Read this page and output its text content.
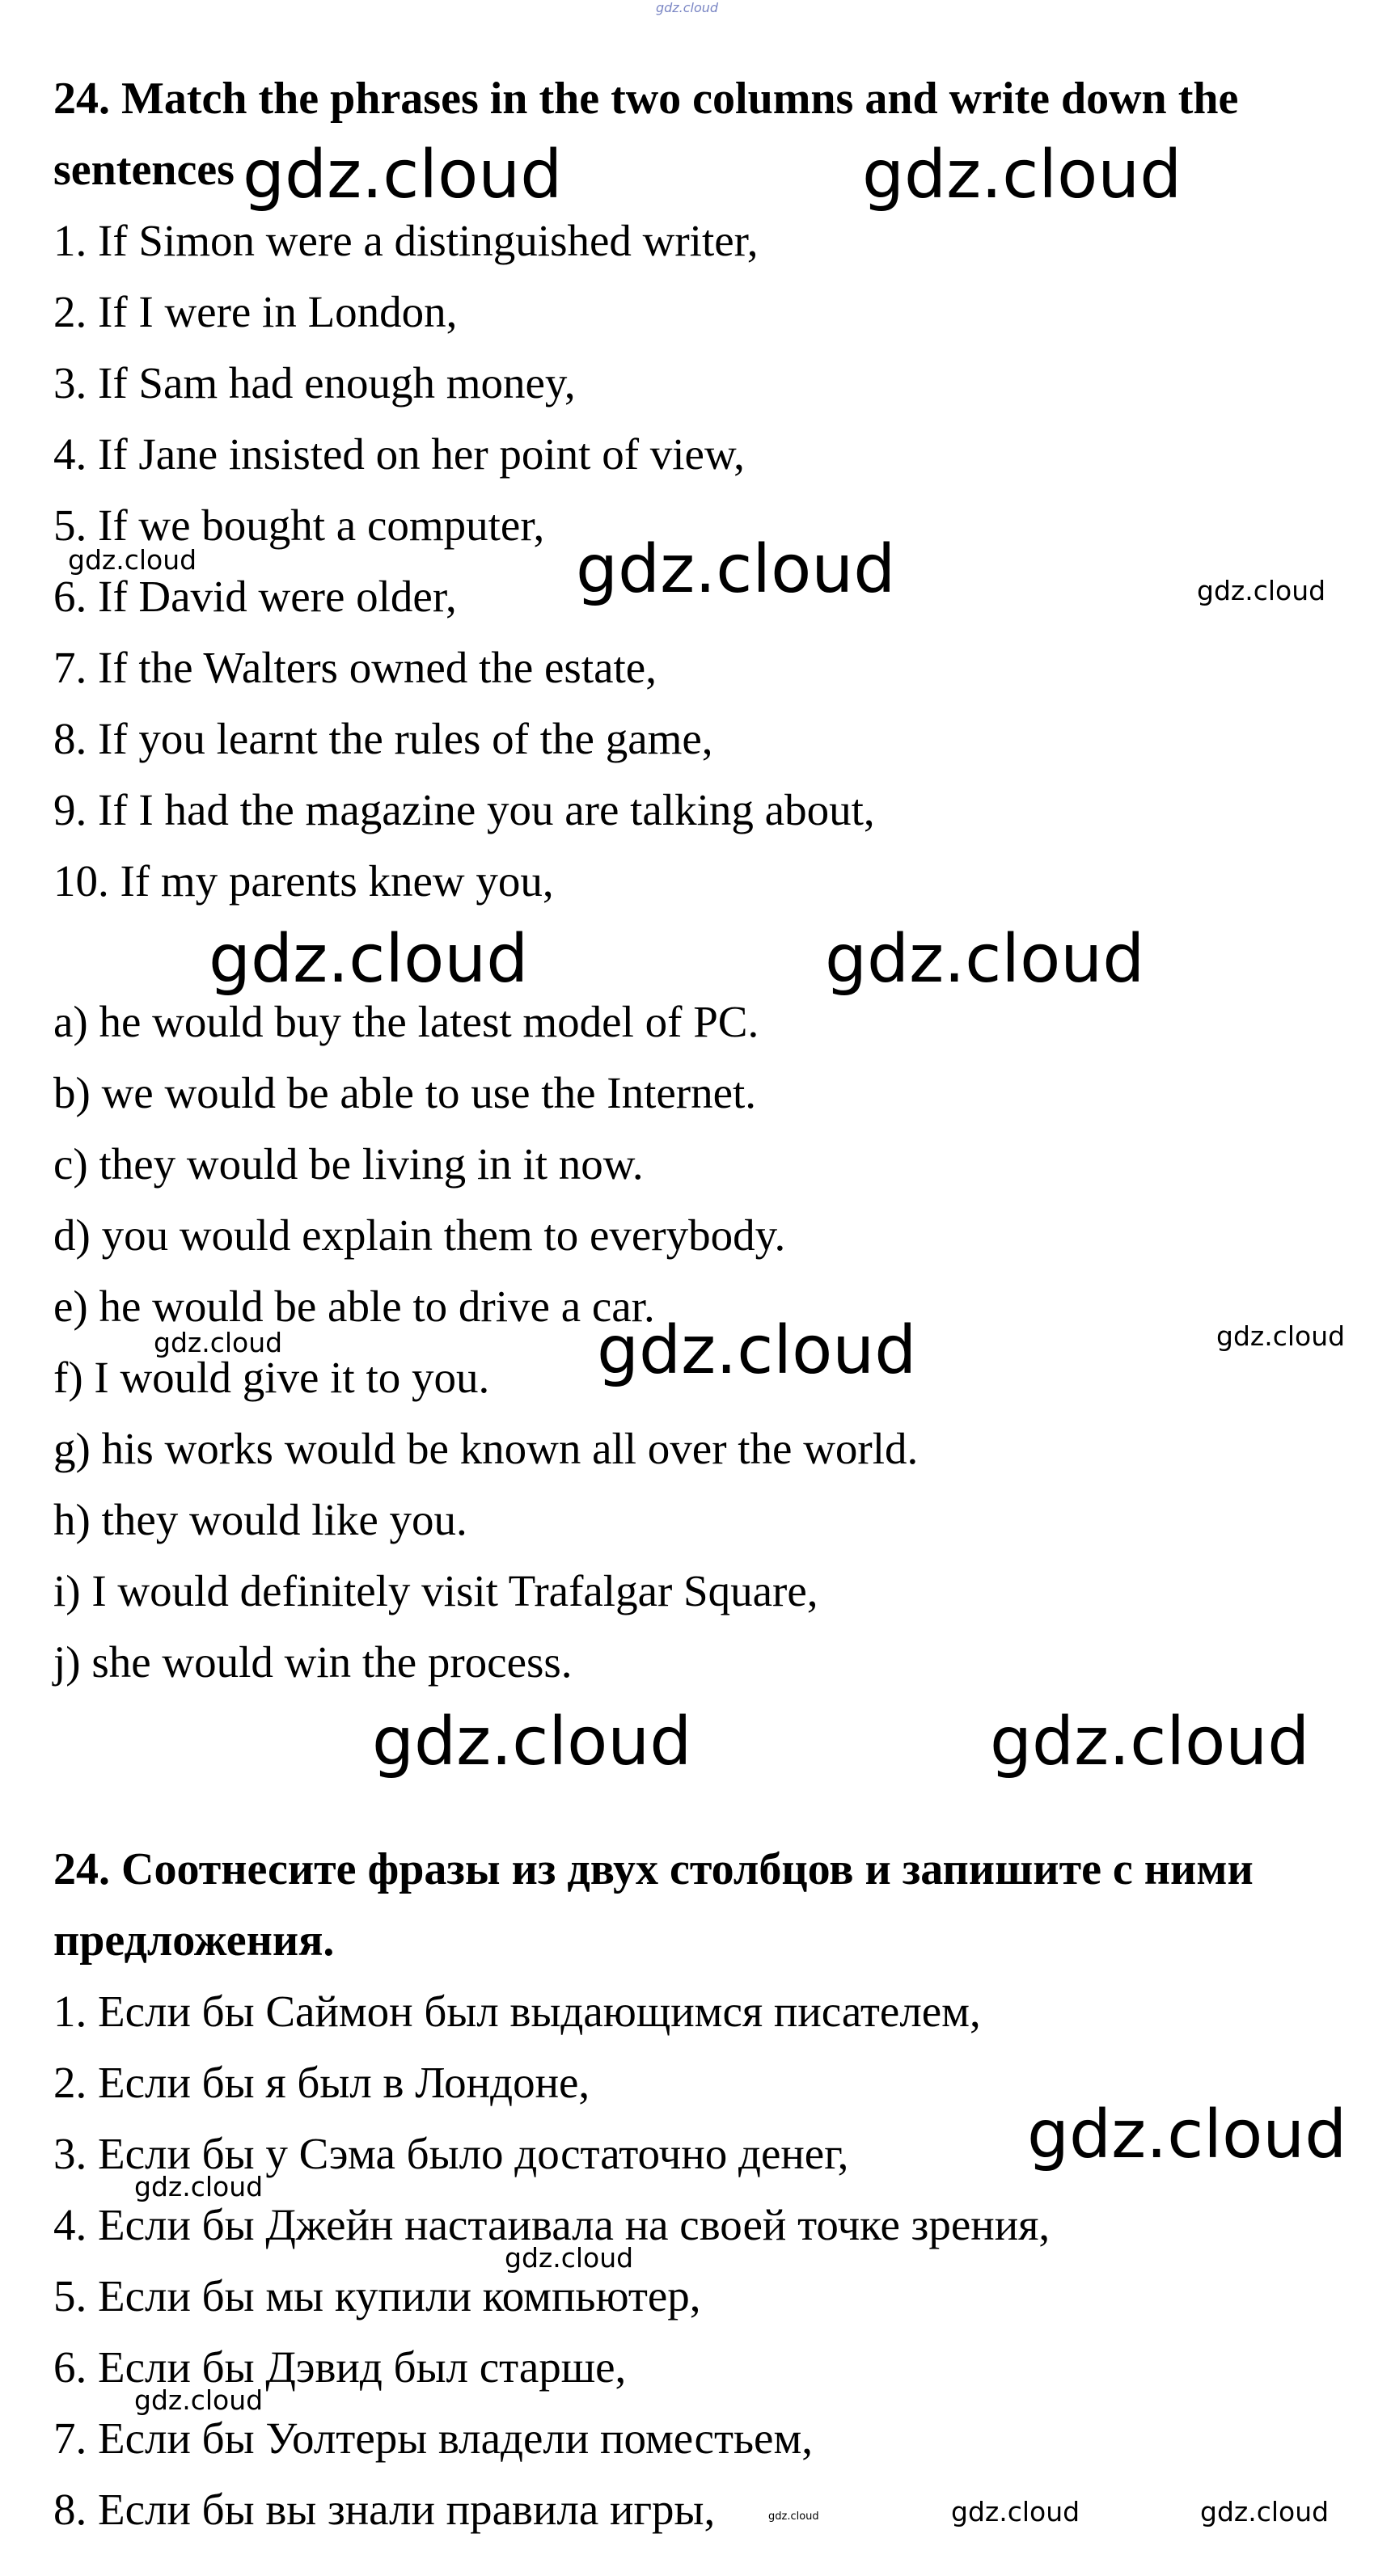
gdz.cloud
24. Match the phrases in the two columns and write down the sentences

1. If Simon were a distinguished writer,

2. If I were in London,

3. If Sam had enough money,

4. If Jane insisted on her point of view,

5. If we bought a computer,

6. If David were older,

7. If the Walters owned the estate,

8. If you learnt the rules of the game,

9. If I had the magazine you are talking about,

10. If my parents knew you,

a) he would buy the latest model of PC.

b) we would be able to use the Internet.

c) they would be living in it now.

d) you would explain them to everybody.

e) he would be able to drive a car.

f) I would give it to you.

g) his works would be known all over the world.

h) they would like you.

i) I would definitely visit Trafalgar Square,

j) she would win the process.

24. Соотнесите фразы из двух столбцов и запишите с ними предложения.

1. Если бы Саймон был выдающимся писателем,

2. Если бы я был в Лондоне,

3. Если бы у Сэма было достаточно денег,

4. Если бы Джейн настаивала на своей точке зрения,

5. Если бы мы купили компьютер,

6. Если бы Дэвид был старше,

7. Если бы Уолтеры владели поместьем,

8. Если бы вы знали правила игры,

gdz.cloud	gdz.cloud
gdz.cloud	gdz.cloud	gdz.cloud
gdz.cloud	gdz.cloud
gdz.cloud	gdz.cloud	gdz.cloud
gdz.cloud	gdz.cloud
gdz.cloud
gdz.cloud
gdz.cloud
gdz.cloud
gdz.cloud	gdz.cloud	gdz.cloud
